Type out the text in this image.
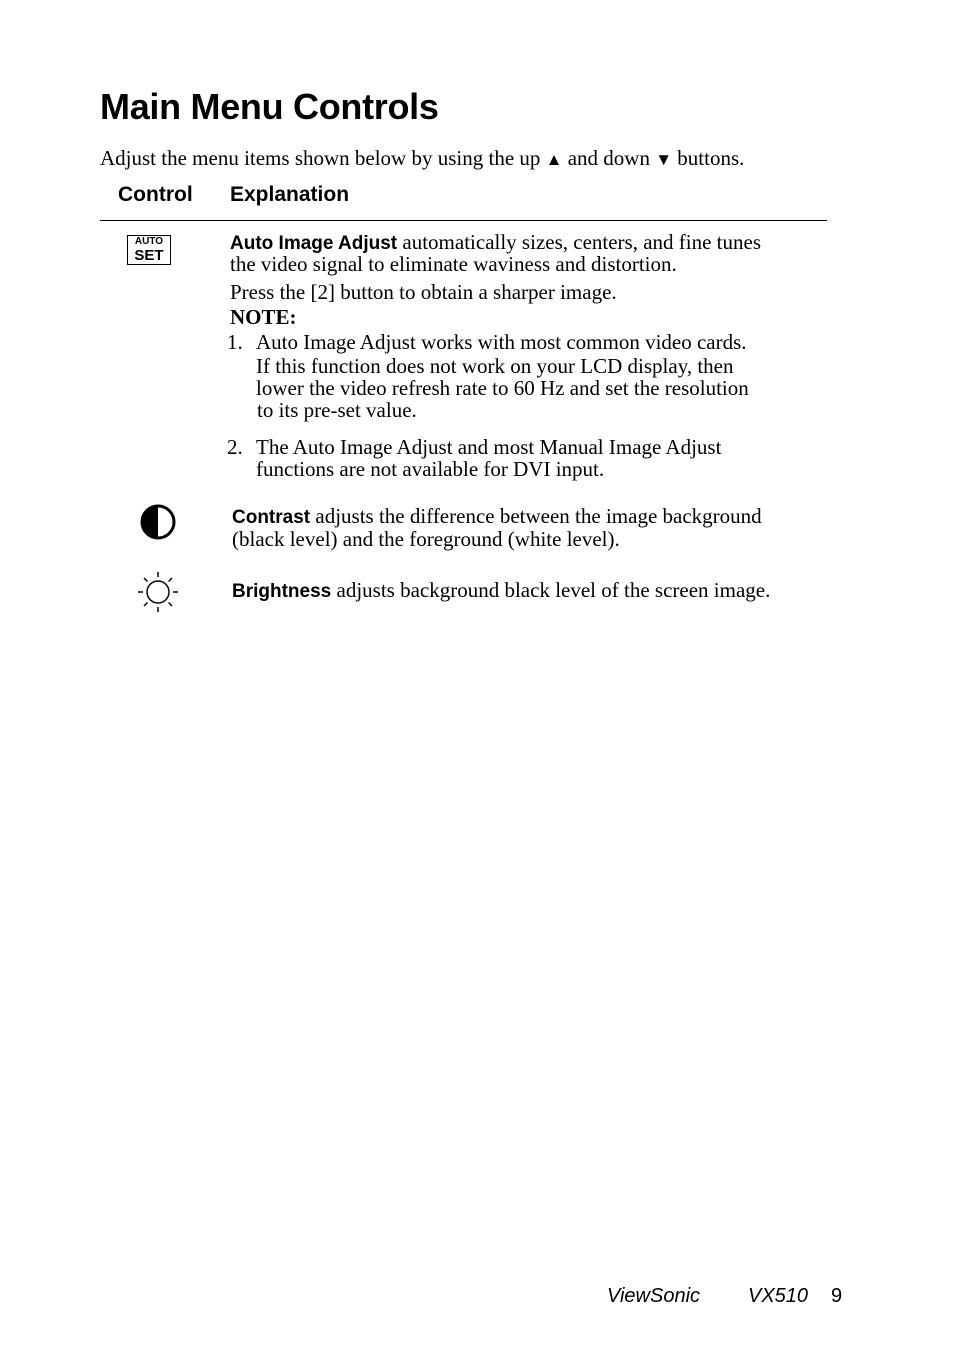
Main Menu Controls
Adjust the menu items shown below by using the up ▲ and down ▼ buttons.
Control Explanation
AUTO
SET
Auto Image Adjust automatically sizes, centers, and fine tunes
the video signal to eliminate waviness and distortion.
Press the [2] button to obtain a sharper image.
NOTE:
1. Auto Image Adjust works with most common video cards.
If this function does not work on your LCD display, then
lower the video refresh rate to 60 Hz and set the resolution
to its pre-set value.
2. The Auto Image Adjust and most Manual Image Adjust
functions are not available for DVI input.
Contrast adjusts the difference between the image background
(black level) and the foreground (white level).
Brightness adjusts background black level of the screen image.
ViewSonic VX510 9
